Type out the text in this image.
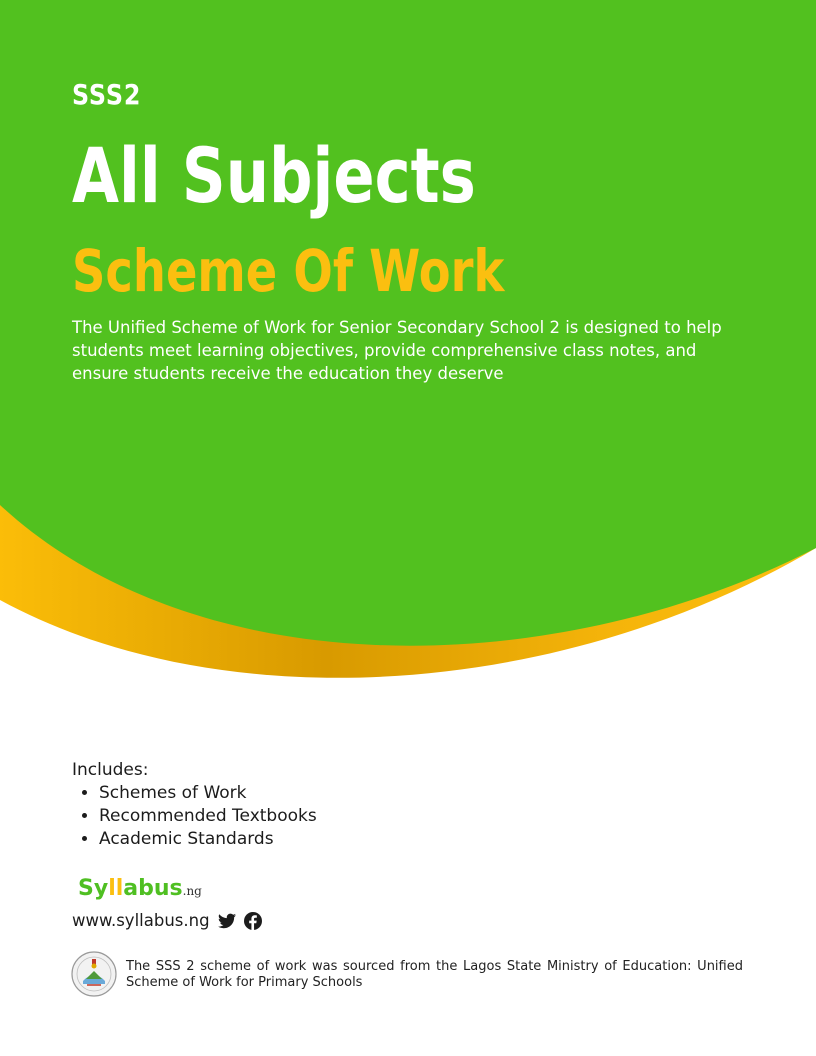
SSS2
All Subjects
Scheme Of Work
The Unified Scheme of Work for Senior Secondary School 2 is designed to help students meet learning objectives, provide comprehensive class notes, and ensure students receive the education they deserve
Includes:
• Schemes of Work
• Recommended Textbooks
• Academic Standards
Syllabus.ng
www.syllabus.ng
The SSS 2 scheme of work was sourced from the Lagos State Ministry of Education: Unified Scheme of Work for Primary Schools
